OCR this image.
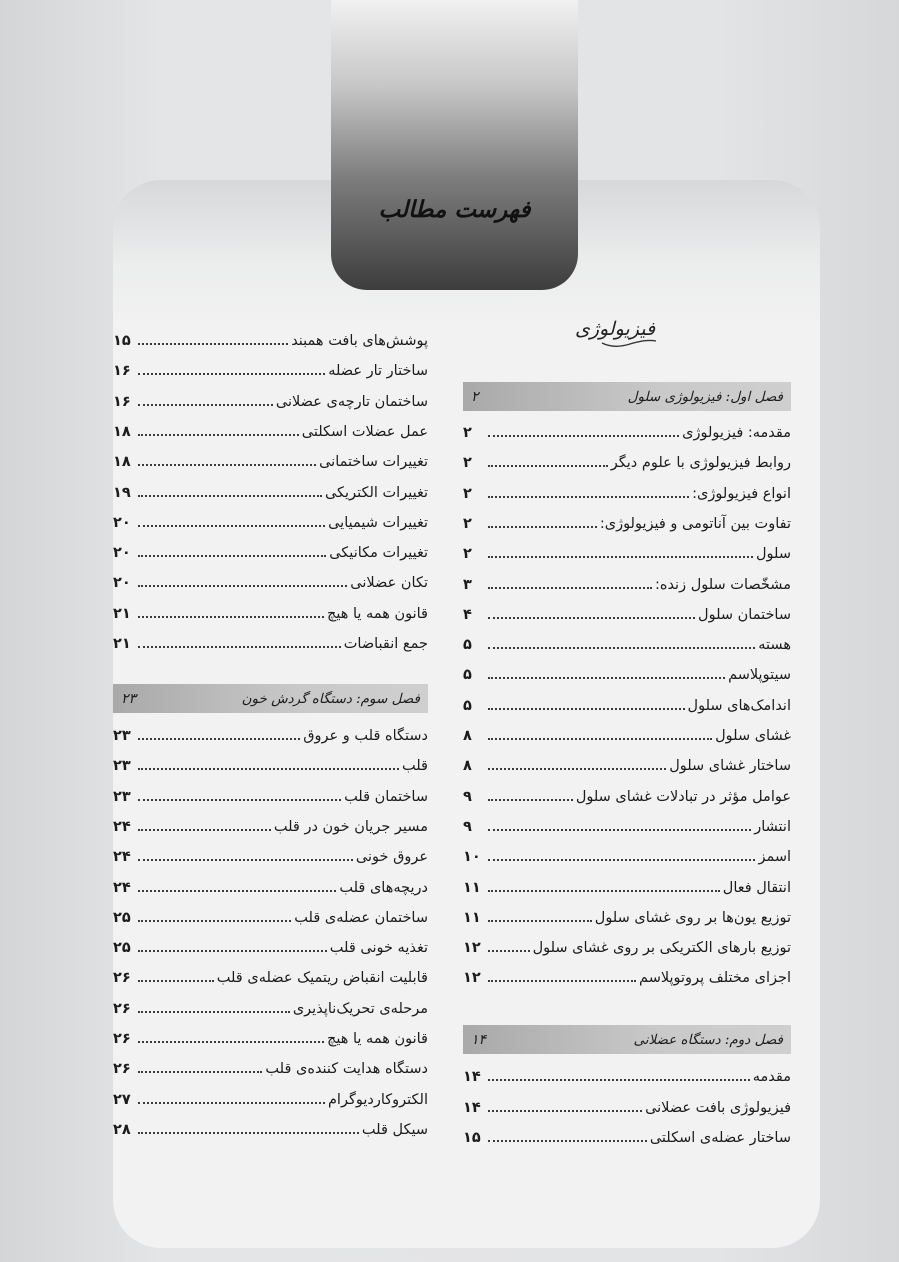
فهرست مطالب
فیزیولوژی
فصل اول: فیزیولوژی سلول
۲
مقدمه: فیزیولوژی
۲
روابط فیزیولوژی با علوم دیگر
۲
انواع فیزیولوژی:
۲
تفاوت بین آناتومی و فیزیولوژی:
۲
سلول
۲
مشخّصات سلول زنده:
۳
ساختمان سلول
۴
هسته
۵
سیتوپلاسم
۵
اندامک‌های سلول
۵
غشای سلول
۸
ساختار غشای سلول
۸
عوامل مؤثر در تبادلات غشای سلول
۹
انتشار
۹
اسمز
۱۰
انتقال فعال
۱۱
توزیع یون‌ها بر روی غشای سلول
۱۱
توزیع بارهای الکتریکی بر روی غشای سلول
۱۲
اجزای مختلف پروتوپلاسم
۱۲
فصل دوم: دستگاه عضلانی
۱۴
مقدمه
۱۴
فیزیولوژی بافت عضلانی
۱۴
ساختار عضله‌ی اسکلتی
۱۵
پوشش‌های بافت همبند
۱۵
ساختار تار عضله
۱۶
ساختمان تارچه‌ی عضلانی
۱۶
عمل عضلات اسکلتی
۱۸
تغییرات ساختمانی
۱۸
تغییرات الکتریکی
۱۹
تغییرات شیمیایی
۲۰
تغییرات مکانیکی
۲۰
تکان عضلانی
۲۰
قانون همه یا هیچ
۲۱
جمع انقباضات
۲۱
فصل سوم: دستگاه گردش خون
۲۳
دستگاه قلب و عروق
۲۳
قلب
۲۳
ساختمان قلب
۲۳
مسیر جریان خون در قلب
۲۴
عروق خونی
۲۴
دریچه‌های قلب
۲۴
ساختمان عضله‌ی قلب
۲۵
تغذیه خونی قلب
۲۵
قابلیت انقباض ریتمیک عضله‌ی قلب
۲۶
مرحله‌ی تحریک‌ناپذیری
۲۶
قانون همه یا هیچ
۲۶
دستگاه هدایت کننده‌ی قلب
۲۶
الکتروکاردیوگرام
۲۷
سیکل قلب
۲۸
